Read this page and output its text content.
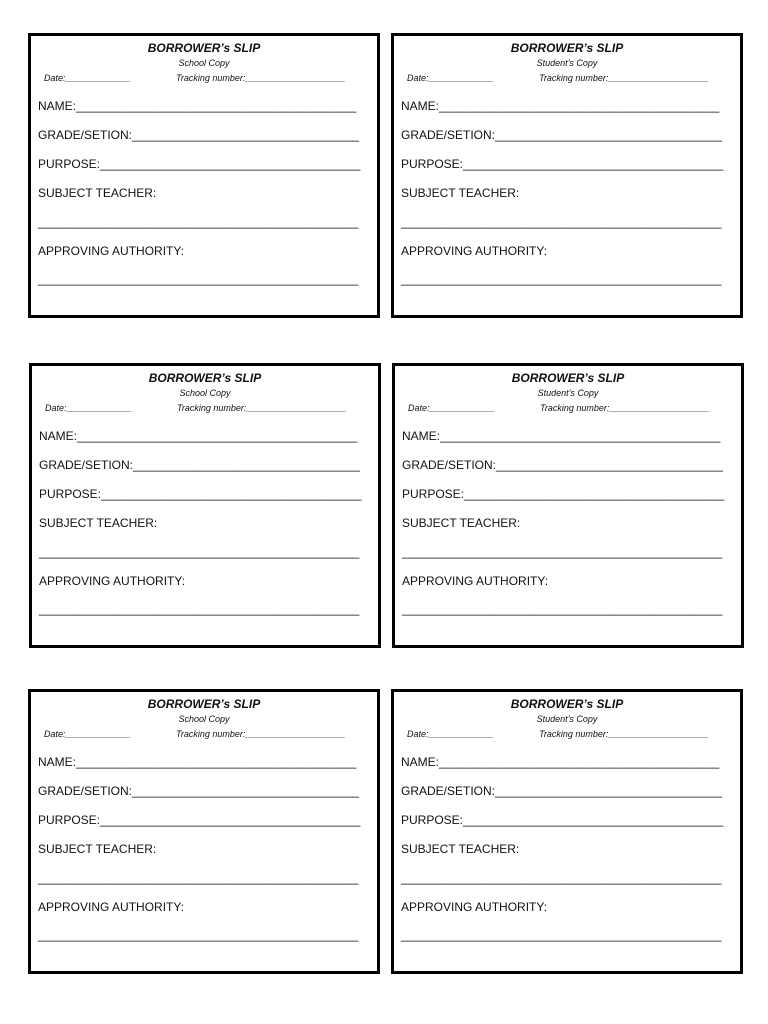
BORROWER’s SLIP
School Copy
Date:_____________	Tracking number:____________________
NAME:__________________________________________
GRADE/SETION:__________________________________
PURPOSE:_______________________________________
SUBJECT TEACHER:
________________________________________________
APPROVING AUTHORITY:
________________________________________________
BORROWER’s SLIP
Student’s Copy
Date:_____________	Tracking number:____________________
NAME:__________________________________________
GRADE/SETION:__________________________________
PURPOSE:_______________________________________
SUBJECT TEACHER:
________________________________________________
APPROVING AUTHORITY:
________________________________________________
BORROWER’s SLIP
School Copy
Date:_____________	Tracking number:____________________
NAME:__________________________________________
GRADE/SETION:__________________________________
PURPOSE:_______________________________________
SUBJECT TEACHER:
________________________________________________
APPROVING AUTHORITY:
________________________________________________
BORROWER’s SLIP
Student’s Copy
Date:_____________	Tracking number:____________________
NAME:__________________________________________
GRADE/SETION:__________________________________
PURPOSE:_______________________________________
SUBJECT TEACHER:
________________________________________________
APPROVING AUTHORITY:
________________________________________________
BORROWER’s SLIP
School Copy
Date:_____________	Tracking number:____________________
NAME:__________________________________________
GRADE/SETION:__________________________________
PURPOSE:_______________________________________
SUBJECT TEACHER:
________________________________________________
APPROVING AUTHORITY:
________________________________________________
BORROWER’s SLIP
Student’s Copy
Date:_____________	Tracking number:____________________
NAME:__________________________________________
GRADE/SETION:__________________________________
PURPOSE:_______________________________________
SUBJECT TEACHER:
________________________________________________
APPROVING AUTHORITY:
________________________________________________
